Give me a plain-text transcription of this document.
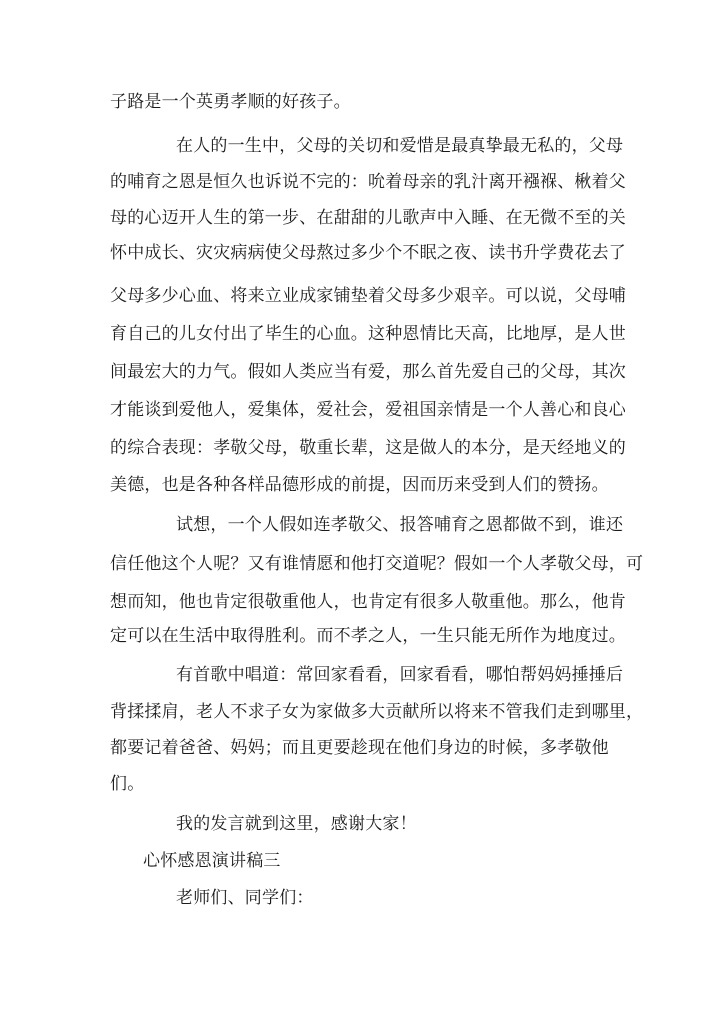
子路是一个英勇孝顺的好孩子。
在人的一生中，父母的关切和爱惜是最真挚最无私的，父母
的哺育之恩是恒久也诉说不完的：吮着母亲的乳汁离开襁褓、楸着父
母的心迈开人生的第一步、在甜甜的儿歌声中入睡、在无微不至的关
怀中成长、灾灾病病使父母熬过多少个不眠之夜、读书升学费花去了
父母多少心血、将来立业成家铺垫着父母多少艰辛。可以说，父母哺
育自己的儿女付出了毕生的心血。这种恩情比天高，比地厚，是人世
间最宏大的力气。假如人类应当有爱，那么首先爱自己的父母，其次
才能谈到爱他人，爱集体，爱社会，爱祖国亲情是一个人善心和良心
的综合表现：孝敬父母，敬重长辈，这是做人的本分，是天经地义的
美德，也是各种各样品德形成的前提，因而历来受到人们的赞扬。
试想，一个人假如连孝敬父、报答哺育之恩都做不到，谁还
信任他这个人呢？又有谁情愿和他打交道呢？假如一个人孝敬父母，可
想而知，他也肯定很敬重他人，也肯定有很多人敬重他。那么，他肯
定可以在生活中取得胜利。而不孝之人，一生只能无所作为地度过。
有首歌中唱道：常回家看看，回家看看，哪怕帮妈妈捶捶后
背揉揉肩，老人不求子女为家做多大贡献所以将来不管我们走到哪里，
都要记着爸爸、妈妈；而且更要趁现在他们身边的时候，多孝敬他
们。
我的发言就到这里，感谢大家！
心怀感恩演讲稿三
老师们、同学们：
